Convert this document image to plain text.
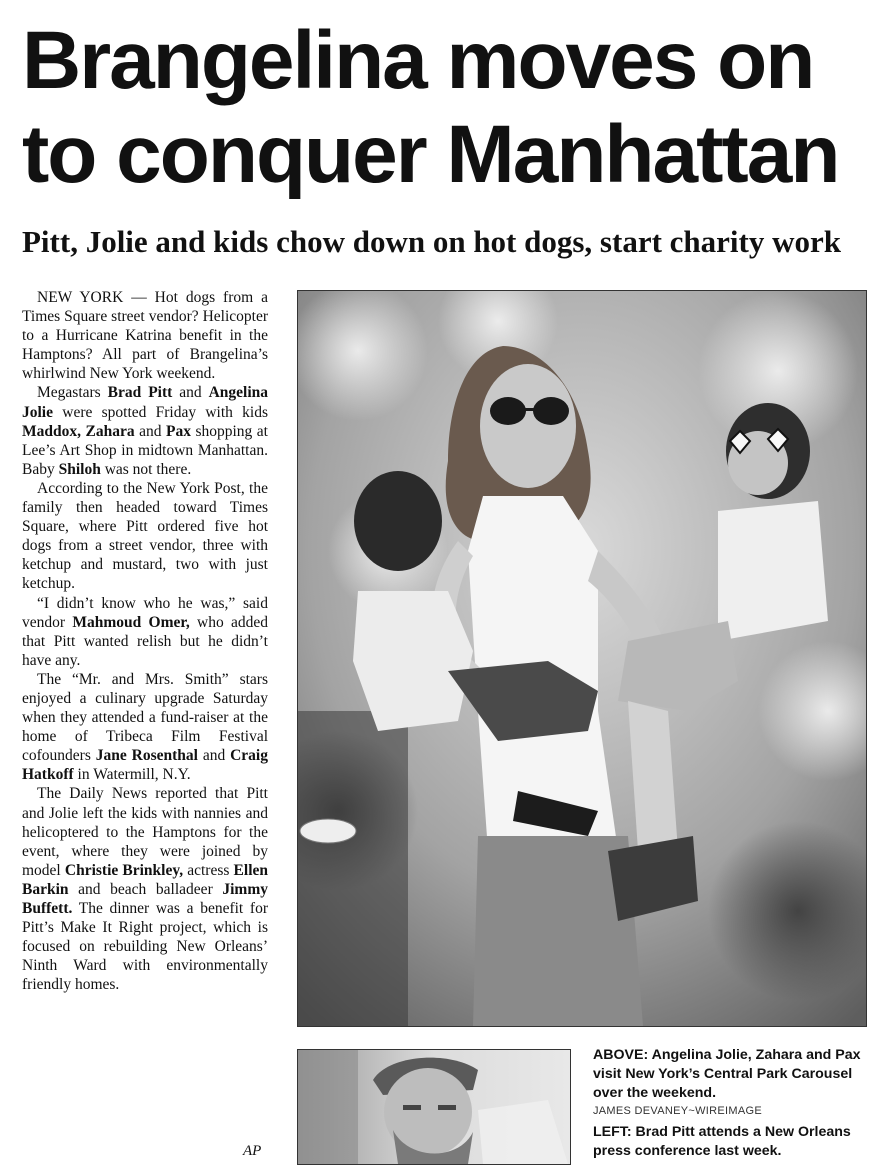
Brangelina moves on
to conquer Manhattan
Pitt, Jolie and kids chow down on hot dogs, start charity work

NEW YORK — Hot dogs from a Times Square street vendor? Helicopter to a Hurricane Katrina benefit in the Hamptons? All part of Brangelina’s whirlwind New York weekend.

Megastars Brad Pitt and Angelina Jolie were spotted Friday with kids Maddox, Zahara and Pax shopping at Lee’s Art Shop in midtown Manhattan. Baby Shiloh was not there.

According to the New York Post, the family then headed toward Times Square, where Pitt ordered five hot dogs from a street vendor, three with ketchup and mustard, two with just ketchup.

“I didn’t know who he was,” said vendor Mahmoud Omer, who added that Pitt wanted relish but he didn’t have any.

The “Mr. and Mrs. Smith” stars enjoyed a culinary upgrade Saturday when they attended a fund-raiser at the home of Tribeca Film Festival cofounders Jane Rosenthal and Craig Hatkoff in Watermill, N.Y.

The Daily News reported that Pitt and Jolie left the kids with nannies and helicoptered to the Hamptons for the event, where they were joined by model Christie Brinkley, actress Ellen Barkin and beach balladeer Jimmy Buffett. The dinner was a benefit for Pitt’s Make It Right project, which is focused on rebuilding New Orleans’ Ninth Ward with environmentally friendly homes.

AP

ABOVE: Angelina Jolie, Zahara and Pax visit New York’s Central Park Carousel over the weekend.

JAMES DEVANEY~WIREIMAGE

LEFT: Brad Pitt attends a New Orleans press conference last week.
